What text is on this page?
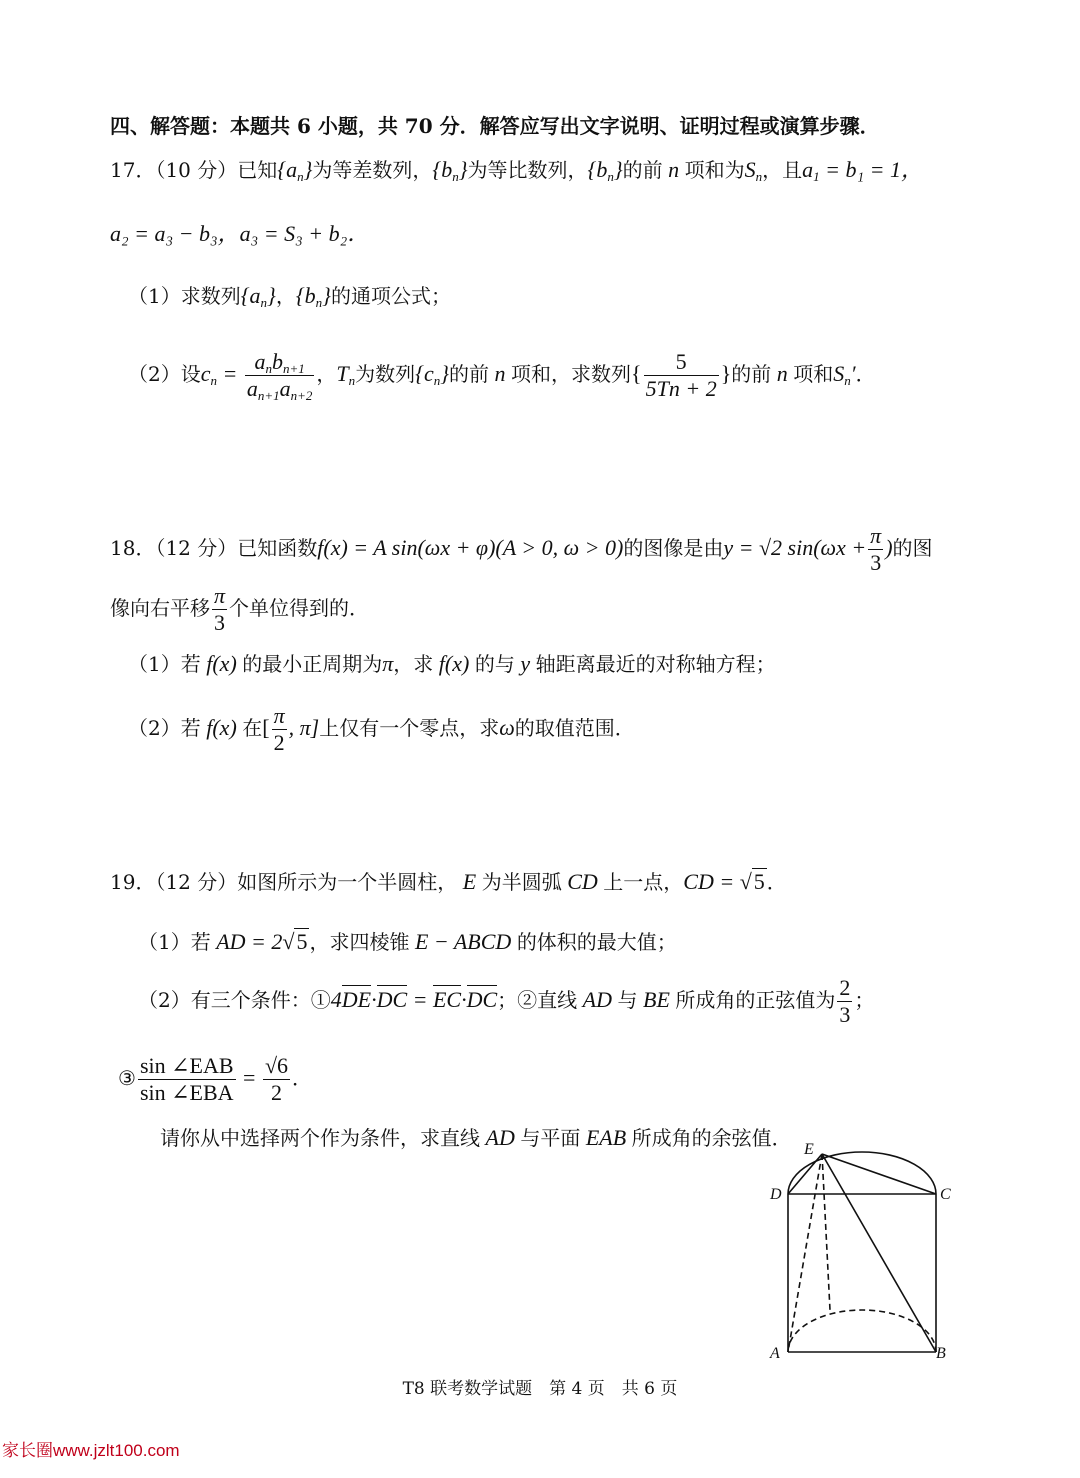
四、解答题：本题共 6 小题，共 70 分．解答应写出文字说明、证明过程或演算步骤．
17．（10 分）已知$\{a_n\}$为等差数列，$\{b_n\}$为等比数列，$\{b_n\}$的前 n 项和为$S_n$，且$a_1 = b_1 = 1$，
a₂ = a₃ − b₃，a₃ = S₃ + b₂．
（1）求数列$\{a_n\}$，$\{b_n\}$的通项公式；
（2）设$c_n = \frac{a_nb_{n+1}}{a_{n+1}a_{n+2}}$ ，$T_n$为数列$\{c_n\}$的前 n 项和，求数列{ $\frac{5}{5Tn + 2}$ }的前 n 项和$S_n'$．
18．（12 分）已知函数f(x) = A sin(ωx + φ)(A > 0, ω > 0)的图像是由y = √2 $\sin(\omega x + \frac{\pi}{3}$ )的图
像向右平移 $\frac{\pi}{3}$ 个单位得到的．
（1）若 f(x) 的最小正周期为π，求 f(x) 的与 y 轴距离最近的对称轴方程；
（2）若 f(x) 在[ $\frac{\pi}{2}$ , π]上仅有一个零点，求ω的取值范围．
19．（12 分）如图所示为一个半圆柱， E 为半圆弧 CD 上一点，CD = √5 ．
（1）若 AD = 2√5 ，求四棱锥 E − ABCD 的体积的最大值；
（2）有三个条件：①4DE·DC = EC·DC；②直线 AD 与 BE 所成角的正弦值为 $\frac{2}{3}$ ；
③ $\frac{\text{sin ∠EAB}}{\text{sin ∠EBA}} = \frac{√6}{2}$ ．
请你从中选择两个作为条件，求直线 AD 与平面 EAB 所成角的余弦值． E
D	C
A	B
T8 联考数学试题　第 4 页　共 6 页
家长圈www.jzlt100.com
